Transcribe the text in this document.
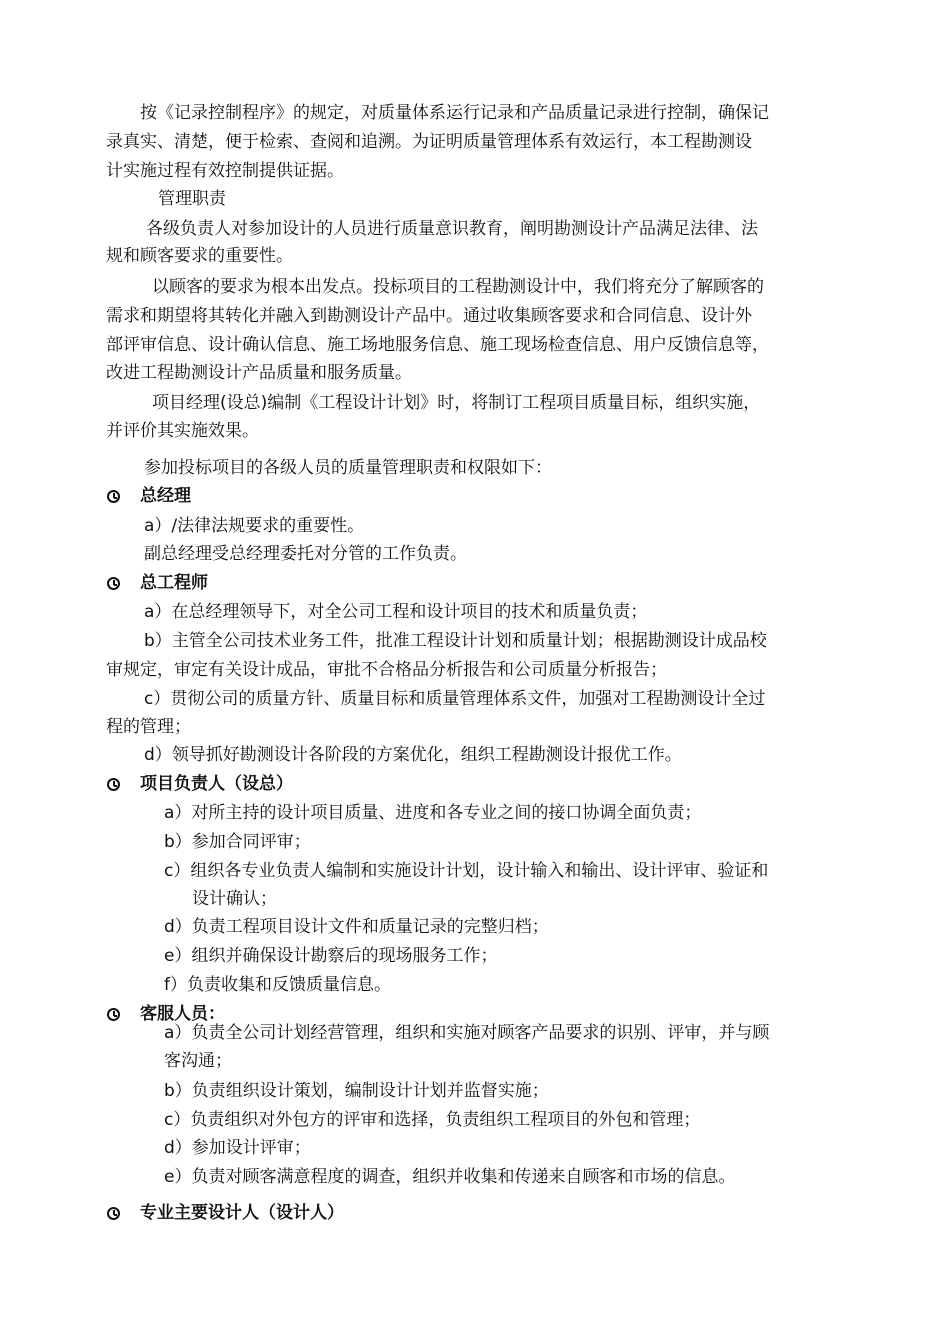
按《记录控制程序》的规定，对质量体系运行记录和产品质量记录进行控制，确保记
录真实、清楚，便于检索、查阅和追溯。为证明质量管理体系有效运行，本工程勘测设
计实施过程有效控制提供证据。
管理职责
各级负责人对参加设计的人员进行质量意识教育，阐明勘测设计产品满足法律、法
规和顾客要求的重要性。
以顾客的要求为根本出发点。投标项目的工程勘测设计中，我们将充分了解顾客的
需求和期望将其转化并融入到勘测设计产品中。通过收集顾客要求和合同信息、设计外
部评审信息、设计确认信息、施工场地服务信息、施工现场检查信息、用户反馈信息等，
改进工程勘测设计产品质量和服务质量。
项目经理(设总)编制《工程设计计划》时，将制订工程项目质量目标，组织实施，
并评价其实施效果。
参加投标项目的各级人员的质量管理职责和权限如下：
总经理
a）/法律法规要求的重要性。
副总经理受总经理委托对分管的工作负责。
总工程师
a）在总经理领导下，对全公司工程和设计项目的技术和质量负责；
b）主管全公司技术业务工件，批准工程设计计划和质量计划；根据勘测设计成品校
审规定，审定有关设计成品，审批不合格品分析报告和公司质量分析报告；
c）贯彻公司的质量方针、质量目标和质量管理体系文件，加强对工程勘测设计全过
程的管理；
d）领导抓好勘测设计各阶段的方案优化，组织工程勘测设计报优工作。
项目负责人（设总）
a）对所主持的设计项目质量、进度和各专业之间的接口协调全面负责；
b）参加合同评审；
c）组织各专业负责人编制和实施设计计划，设计输入和输出、设计评审、验证和
设计确认；
d）负责工程项目设计文件和质量记录的完整归档；
e）组织并确保设计勘察后的现场服务工作；
f）负责收集和反馈质量信息。
客服人员：
a）负责全公司计划经营管理，组织和实施对顾客产品要求的识别、评审，并与顾
客沟通；
b）负责组织设计策划，编制设计计划并监督实施；
c）负责组织对外包方的评审和选择，负责组织工程项目的外包和管理；
d）参加设计评审；
e）负责对顾客满意程度的调查，组织并收集和传递来自顾客和市场的信息。
专业主要设计人（设计人）
